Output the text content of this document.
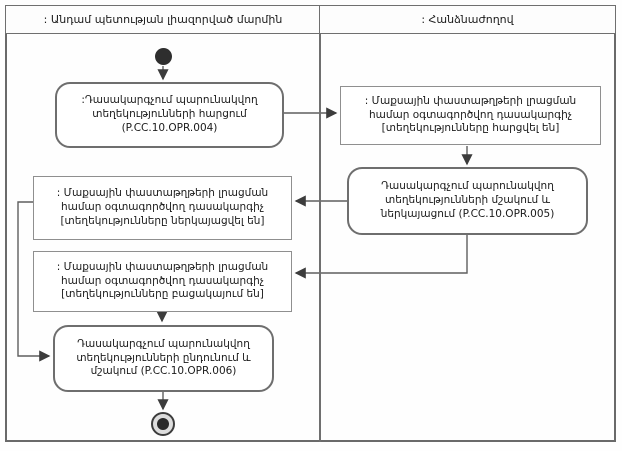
: Անդամ պետության լիազորված մարմին	: Հանձնաժողով
:Դասակարգչում պարունակվող տեղեկությունների հարցում (P.CC.10.OPR.004)
: Մաքսային փաստաթղթերի լրացման համար օգտագործվող դասակարգիչ [տեղեկությունները հարցվել են]
Դասակարգչում պարունակվող տեղեկությունների մշակում և ներկայացում (P.CC.10.OPR.005)
: Մաքսային փաստաթղթերի լրացման համար օգտագործվող դասակարգիչ [տեղեկությունները ներկայացվել են]
: Մաքսային փաստաթղթերի լրացման համար օգտագործվող դասակարգիչ [տեղեկությունները բացակայում են]
Դասակարգչում պարունակվող տեղեկությունների ընդունում և մշակում (P.CC.10.OPR.006)
